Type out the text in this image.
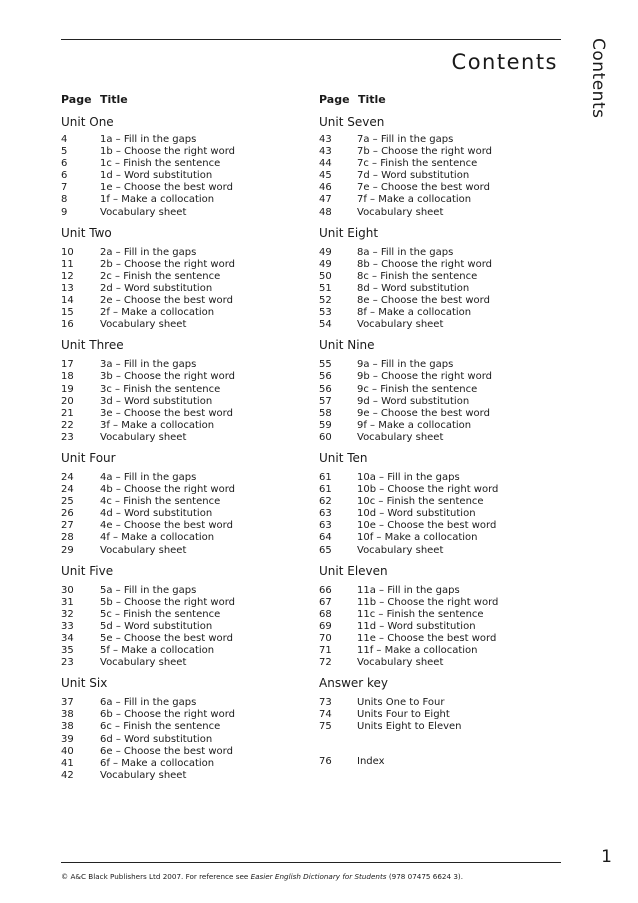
Contents Contents
Page Title
Unit One
4	1a – Fill in the gaps
5	1b – Choose the right word
6	1c – Finish the sentence
6	1d – Word substitution
7	1e – Choose the best word
8	1f – Make a collocation
9	Vocabulary sheet
Unit Two
10	2a – Fill in the gaps
11	2b – Choose the right word
12	2c – Finish the sentence
13	2d – Word substitution
14	2e – Choose the best word
15	2f – Make a collocation
16	Vocabulary sheet
Unit Three
17	3a – Fill in the gaps
18	3b – Choose the right word
19	3c – Finish the sentence
20	3d – Word substitution
21	3e – Choose the best word
22	3f – Make a collocation
23	Vocabulary sheet
Unit Four
24	4a – Fill in the gaps
24	4b – Choose the right word
25	4c – Finish the sentence
26	4d – Word substitution
27	4e – Choose the best word
28	4f – Make a collocation
29	Vocabulary sheet
Unit Five
30	5a – Fill in the gaps
31	5b – Choose the right word
32	5c – Finish the sentence
33	5d – Word substitution
34	5e – Choose the best word
35	5f – Make a collocation
23	Vocabulary sheet
Unit Six
37	6a – Fill in the gaps
38	6b – Choose the right word
38	6c – Finish the sentence
39	6d – Word substitution
40	6e – Choose the best word
41	6f – Make a collocation
42	Vocabulary sheet
Page Title
Unit Seven
43	7a – Fill in the gaps
43	7b – Choose the right word
44	7c – Finish the sentence
45	7d – Word substitution
46	7e – Choose the best word
47	7f – Make a collocation
48	Vocabulary sheet
Unit Eight
49	8a – Fill in the gaps
49	8b – Choose the right word
50	8c – Finish the sentence
51	8d – Word substitution
52	8e – Choose the best word
53	8f – Make a collocation
54	Vocabulary sheet
Unit Nine
55	9a – Fill in the gaps
56	9b – Choose the right word
56	9c – Finish the sentence
57	9d – Word substitution
58	9e – Choose the best word
59	9f – Make a collocation
60	Vocabulary sheet
Unit Ten
61	10a – Fill in the gaps
61	10b – Choose the right word
62	10c – Finish the sentence
63	10d – Word substitution
63	10e – Choose the best word
64	10f – Make a collocation
65	Vocabulary sheet
Unit Eleven
66	11a – Fill in the gaps
67	11b – Choose the right word
68	11c – Finish the sentence
69	11d – Word substitution
70	11e – Choose the best word
71	11f – Make a collocation
72	Vocabulary sheet
Answer key
73	Units One to Four
74	Units Four to Eight
75	Units Eight to Eleven
76	Index
1
© A&C Black Publishers Ltd 2007. For reference see Easier English Dictionary for Students (978 07475 6624 3).
